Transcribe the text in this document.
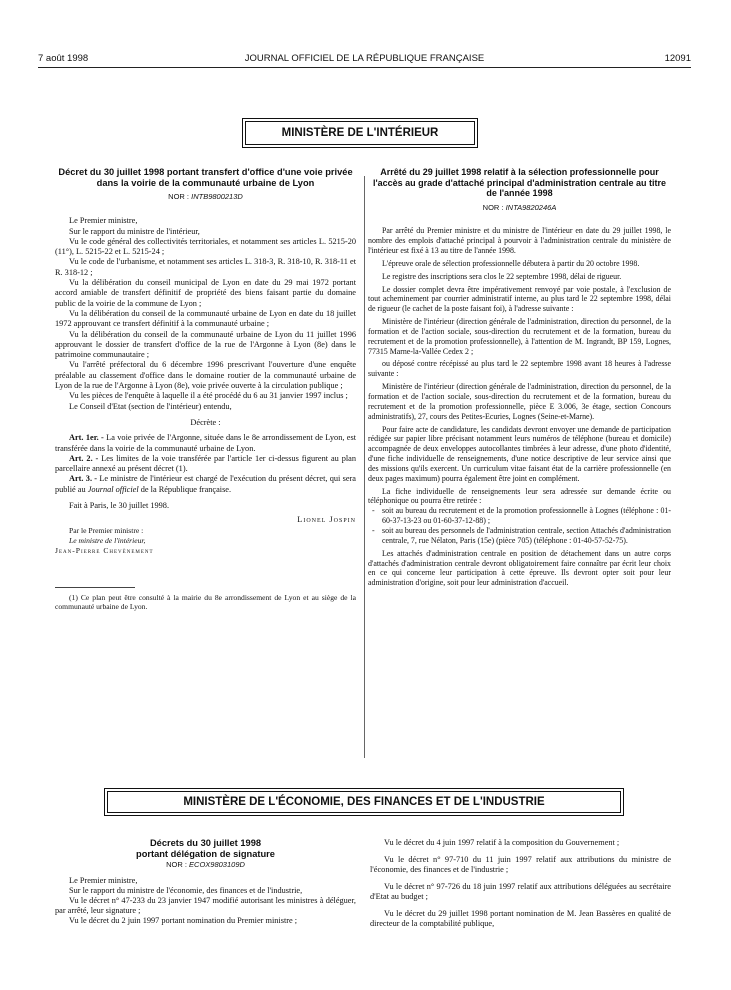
7 août 1998	JOURNAL OFFICIEL DE LA RÉPUBLIQUE FRANÇAISE	12091
MINISTÈRE DE L'INTÉRIEUR
Décret du 30 juillet 1998 portant transfert d'office d'une voie privée dans la voirie de la communauté urbaine de Lyon
NOR : INTB9800213D

Le Premier ministre,

Sur le rapport du ministre de l'intérieur,

Vu le code général des collectivités territoriales, et notamment ses articles L. 5215-20 (11°), L. 5215-22 et L. 5215-24 ;

Vu le code de l'urbanisme, et notamment ses articles L. 318-3, R. 318-10, R. 318-11 et R. 318-12 ;

Vu la délibération du conseil municipal de Lyon en date du 29 mai 1972 portant accord amiable de transfert définitif de propriété des biens faisant partie du domaine public de la voirie de la commune de Lyon ;

Vu la délibération du conseil de la communauté urbaine de Lyon en date du 18 juillet 1972 approuvant ce transfert définitif à la communauté urbaine ;

Vu la délibération du conseil de la communauté urbaine de Lyon du 11 juillet 1996 approuvant le dossier de transfert d'office de la rue de l'Argonne à Lyon (8e) dans le patrimoine communautaire ;

Vu l'arrêté préfectoral du 6 décembre 1996 prescrivant l'ouverture d'une enquête préalable au classement d'office dans le domaine routier de la communauté urbaine de Lyon de la rue de l'Argonne à Lyon (8e), voie privée ouverte à la circulation publique ;

Vu les pièces de l'enquête à laquelle il a été procédé du 6 au 31 janvier 1997 inclus ;

Le Conseil d'Etat (section de l'intérieur) entendu,

Décrète :

Art. 1er. - La voie privée de l'Argonne, située dans le 8e arrondissement de Lyon, est transférée dans la voirie de la communauté urbaine de Lyon.

Art. 2. - Les limites de la voie transférée par l'article 1er ci-dessus figurent au plan parcellaire annexé au présent décret (1).

Art. 3. - Le ministre de l'intérieur est chargé de l'exécution du présent décret, qui sera publié au Journal officiel de la République française.

Fait à Paris, le 30 juillet 1998.

Lionel Jospin

Par le Premier ministre :

Le ministre de l'intérieur,

Jean-Pierre Chevènement

(1) Ce plan peut être consulté à la mairie du 8e arrondissement de Lyon et au siège de la communauté urbaine de Lyon.

Arrêté du 29 juillet 1998 relatif à la sélection professionnelle pour l'accès au grade d'attaché principal d'administration centrale au titre de l'année 1998
NOR : INTA9820246A

Par arrêté du Premier ministre et du ministre de l'intérieur en date du 29 juillet 1998, le nombre des emplois d'attaché principal à pourvoir à l'administration centrale du ministère de l'intérieur est fixé à 13 au titre de l'année 1998.

L'épreuve orale de sélection professionnelle débutera à partir du 20 octobre 1998.

Le registre des inscriptions sera clos le 22 septembre 1998, délai de rigueur.

Le dossier complet devra être impérativement renvoyé par voie postale, à l'exclusion de tout acheminement par courrier administratif interne, au plus tard le 22 septembre 1998, délai de rigueur (le cachet de la poste faisant foi), à l'adresse suivante :

Ministère de l'intérieur (direction générale de l'administration, direction du personnel, de la formation et de l'action sociale, sous-direction du recrutement et de la formation, bureau du recrutement et de la promotion professionnelle), à l'attention de M. Ingrandt, BP 159, Lognes, 77315 Marne-la-Vallée Cedex 2 ;

ou déposé contre récépissé au plus tard le 22 septembre 1998 avant 18 heures à l'adresse suivante :

Ministère de l'intérieur (direction générale de l'administration, direction du personnel, de la formation et de l'action sociale, sous-direction du recrutement et de la formation, bureau du recrutement et de la promotion professionnelle, pièce E 3.006, 3e étage, section Concours administratifs), 27, cours des Petites-Ecuries, Lognes (Seine-et-Marne).

Pour faire acte de candidature, les candidats devront envoyer une demande de participation rédigée sur papier libre précisant notamment leurs numéros de téléphone (bureau et domicile) accompagnée de deux enveloppes autocollantes timbrées à leur adresse, d'une photo d'identité, d'une fiche individuelle de renseignements, d'une notice descriptive de leur service ainsi que des missions qu'ils exercent. Un curriculum vitae faisant état de la carrière professionnelle (en deux pages maximum) pourra également être joint en complément.

La fiche individuelle de renseignements leur sera adressée sur demande écrite ou téléphonique ou pourra être retirée :

- soit au bureau du recrutement et de la promotion professionnelle à Lognes (téléphone : 01-60-37-13-23 ou 01-60-37-12-88) ;
- soit au bureau des personnels de l'administration centrale, section Attachés d'administration centrale, 7, rue Nélaton, Paris (15e) (pièce 705) (téléphone : 01-40-57-52-75).

Les attachés d'administration centrale en position de détachement dans un autre corps d'attachés d'administration centrale devront obligatoirement faire connaître par écrit leur choix en ce qui concerne leur participation à cette épreuve. Ils devront opter soit pour leur administration d'origine, soit pour leur administration d'accueil.

MINISTÈRE DE L'ÉCONOMIE, DES FINANCES ET DE L'INDUSTRIE
Décrets du 30 juillet 1998
portant délégation de signature
NOR : ECOX9803109D

Le Premier ministre,

Sur le rapport du ministre de l'économie, des finances et de l'industrie,

Vu le décret n° 47-233 du 23 janvier 1947 modifié autorisant les ministres à déléguer, par arrêté, leur signature ;

Vu le décret du 2 juin 1997 portant nomination du Premier ministre ;

Vu le décret du 4 juin 1997 relatif à la composition du Gouvernement ;

Vu le décret n° 97-710 du 11 juin 1997 relatif aux attributions du ministre de l'économie, des finances et de l'industrie ;

Vu le décret n° 97-726 du 18 juin 1997 relatif aux attributions déléguées au secrétaire d'Etat au budget ;

Vu le décret du 29 juillet 1998 portant nomination de M. Jean Bassères en qualité de directeur de la comptabilité publique,
